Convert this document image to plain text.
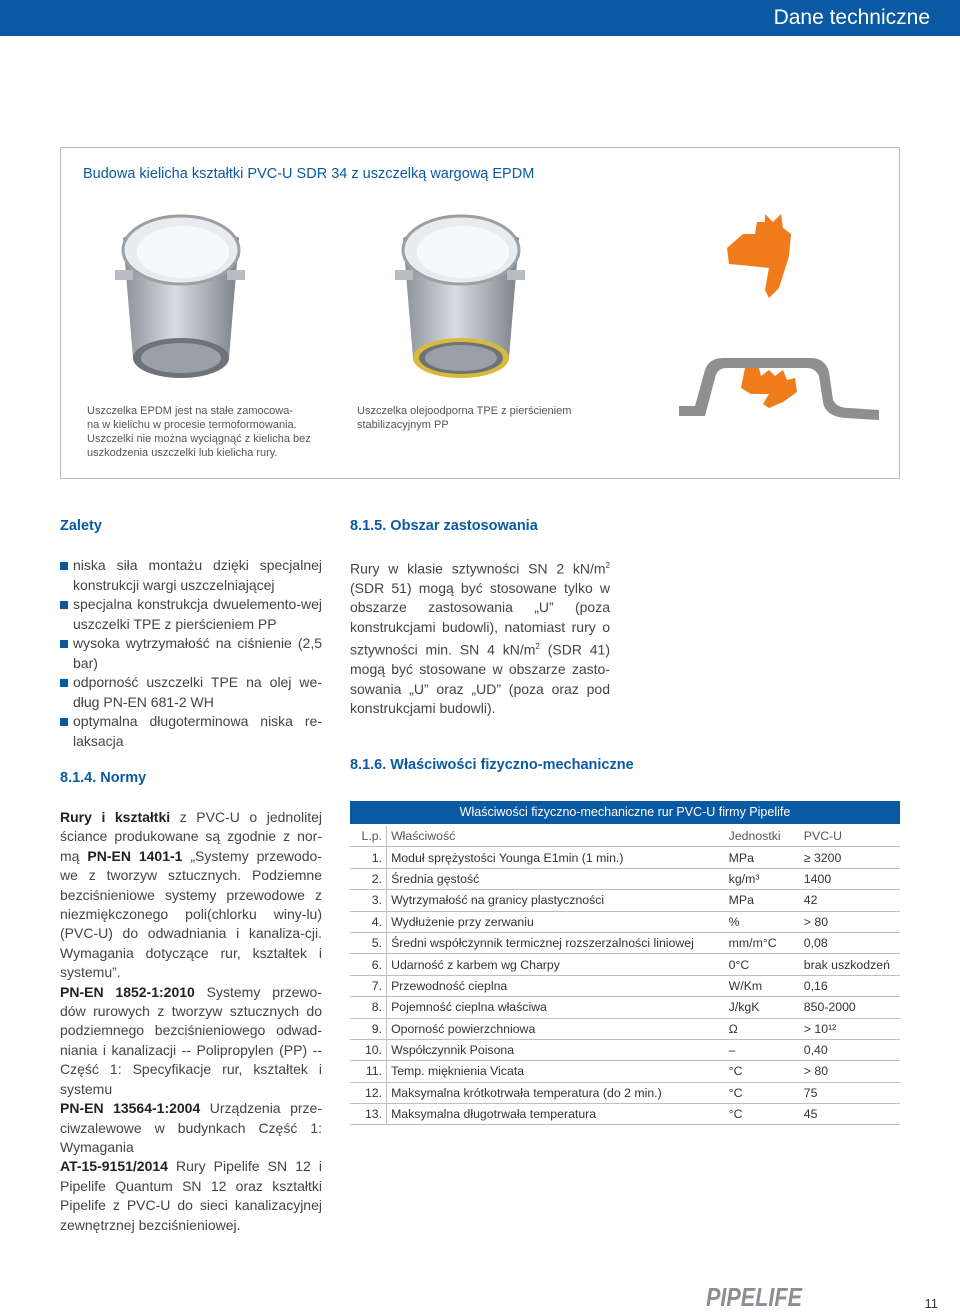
Dane techniczne
Budowa kielicha kształtki PVC-U SDR 34 z uszczelką wargową EPDM
Uszczelka EPDM jest na stałe zamocowa-
na w kielichu w procesie termoformowania.
Uszczelki nie można wyciągnąć z kielicha bez
uszkodzenia uszczelki lub kielicha rury.
Uszczelka olejoodporna TPE z pierścieniem
stabilizacyjnym PP
Zalety
niska siła montażu dzięki specjalnej konstrukcji wargi uszczelniającej
specjalna konstrukcja dwuelemento-wej uszczelki TPE z pierścieniem PP
wysoka wytrzymałość na ciśnienie (2,5 bar)
odporność uszczelki TPE na olej we-dług PN-EN 681-2 WH
optymalna długoterminowa niska re-laksacja
8.1.4. Normy

Rury i kształtki z PVC-U o jednolitej ściance produkowane są zgodnie z nor-mą PN-EN 1401-1 „Systemy przewodo-we z tworzyw sztucznych. Podziemne bezciśnieniowe systemy przewodowe z niezmiękczonego poli(chlorku winy-lu) (PVC-U) do odwadniania i kanaliza-cji. Wymagania dotyczące rur, kształtek i systemu”.
PN-EN 1852-1:2010 Systemy przewo-dów rurowych z tworzyw sztucznych do podziemnego bezciśnieniowego odwad-niania i kanalizacji -- Polipropylen (PP) -- Część 1: Specyfikacje rur, kształtek i systemu
PN-EN 13564-1:2004 Urządzenia prze-ciwzalewowe w budynkach Część 1: Wymagania
AT-15-9151/2014 Rury Pipelife SN 12 i Pipelife Quantum SN 12 oraz kształtki Pipelife z PVC-U do sieci kanalizacyjnej zewnętrznej bezciśnieniowej.

8.1.5. Obszar zastosowania

Rury w klasie sztywności SN 2 $kN/m^2$ (SDR 51) mogą być stosowane tylko w obszarze zastosowania „U” (poza konstrukcjami budowli), natomiast rury o sztywności min. SN 4 $kN/m^2$ (SDR 41) mogą być stosowane w obszarze zasto-sowania „U” oraz „UD” (poza oraz pod konstrukcjami budowli).

8.1.6. Właściwości fizyczno-mechaniczne
Właściwości fizyczno-mechaniczne rur PVC-U firmy Pipelife
L.p.	Właściwość	Jednostki	PVC-U
1.	Moduł sprężystości Younga E1min (1 min.)	MPa	≥ 3200
2.	Średnia gęstość	kg/m³	1400
3.	Wytrzymałość na granicy plastyczności	MPa	42
4.	Wydłużenie przy zerwaniu	%	> 80
5.	Średni współczynnik termicznej rozszerzalności liniowej	mm/m°C	0,08
6.	Udarność z karbem wg Charpy	0°C	brak uszkodzeń
7.	Przewodność cieplna	W/Km	0,16
8.	Pojemność cieplna właściwa	J/kgK	850-2000
9.	Oporność powierzchniowa	Ω	> 10¹²
10.	Współczynnik Poisona	–	0,40
11.	Temp. mięknienia Vicata	°C	> 80
12.	Maksymalna krótkotrwała temperatura (do 2 min.)	°C	75
13.	Maksymalna długotrwała temperatura	°C	45
PIPELIFE	11
